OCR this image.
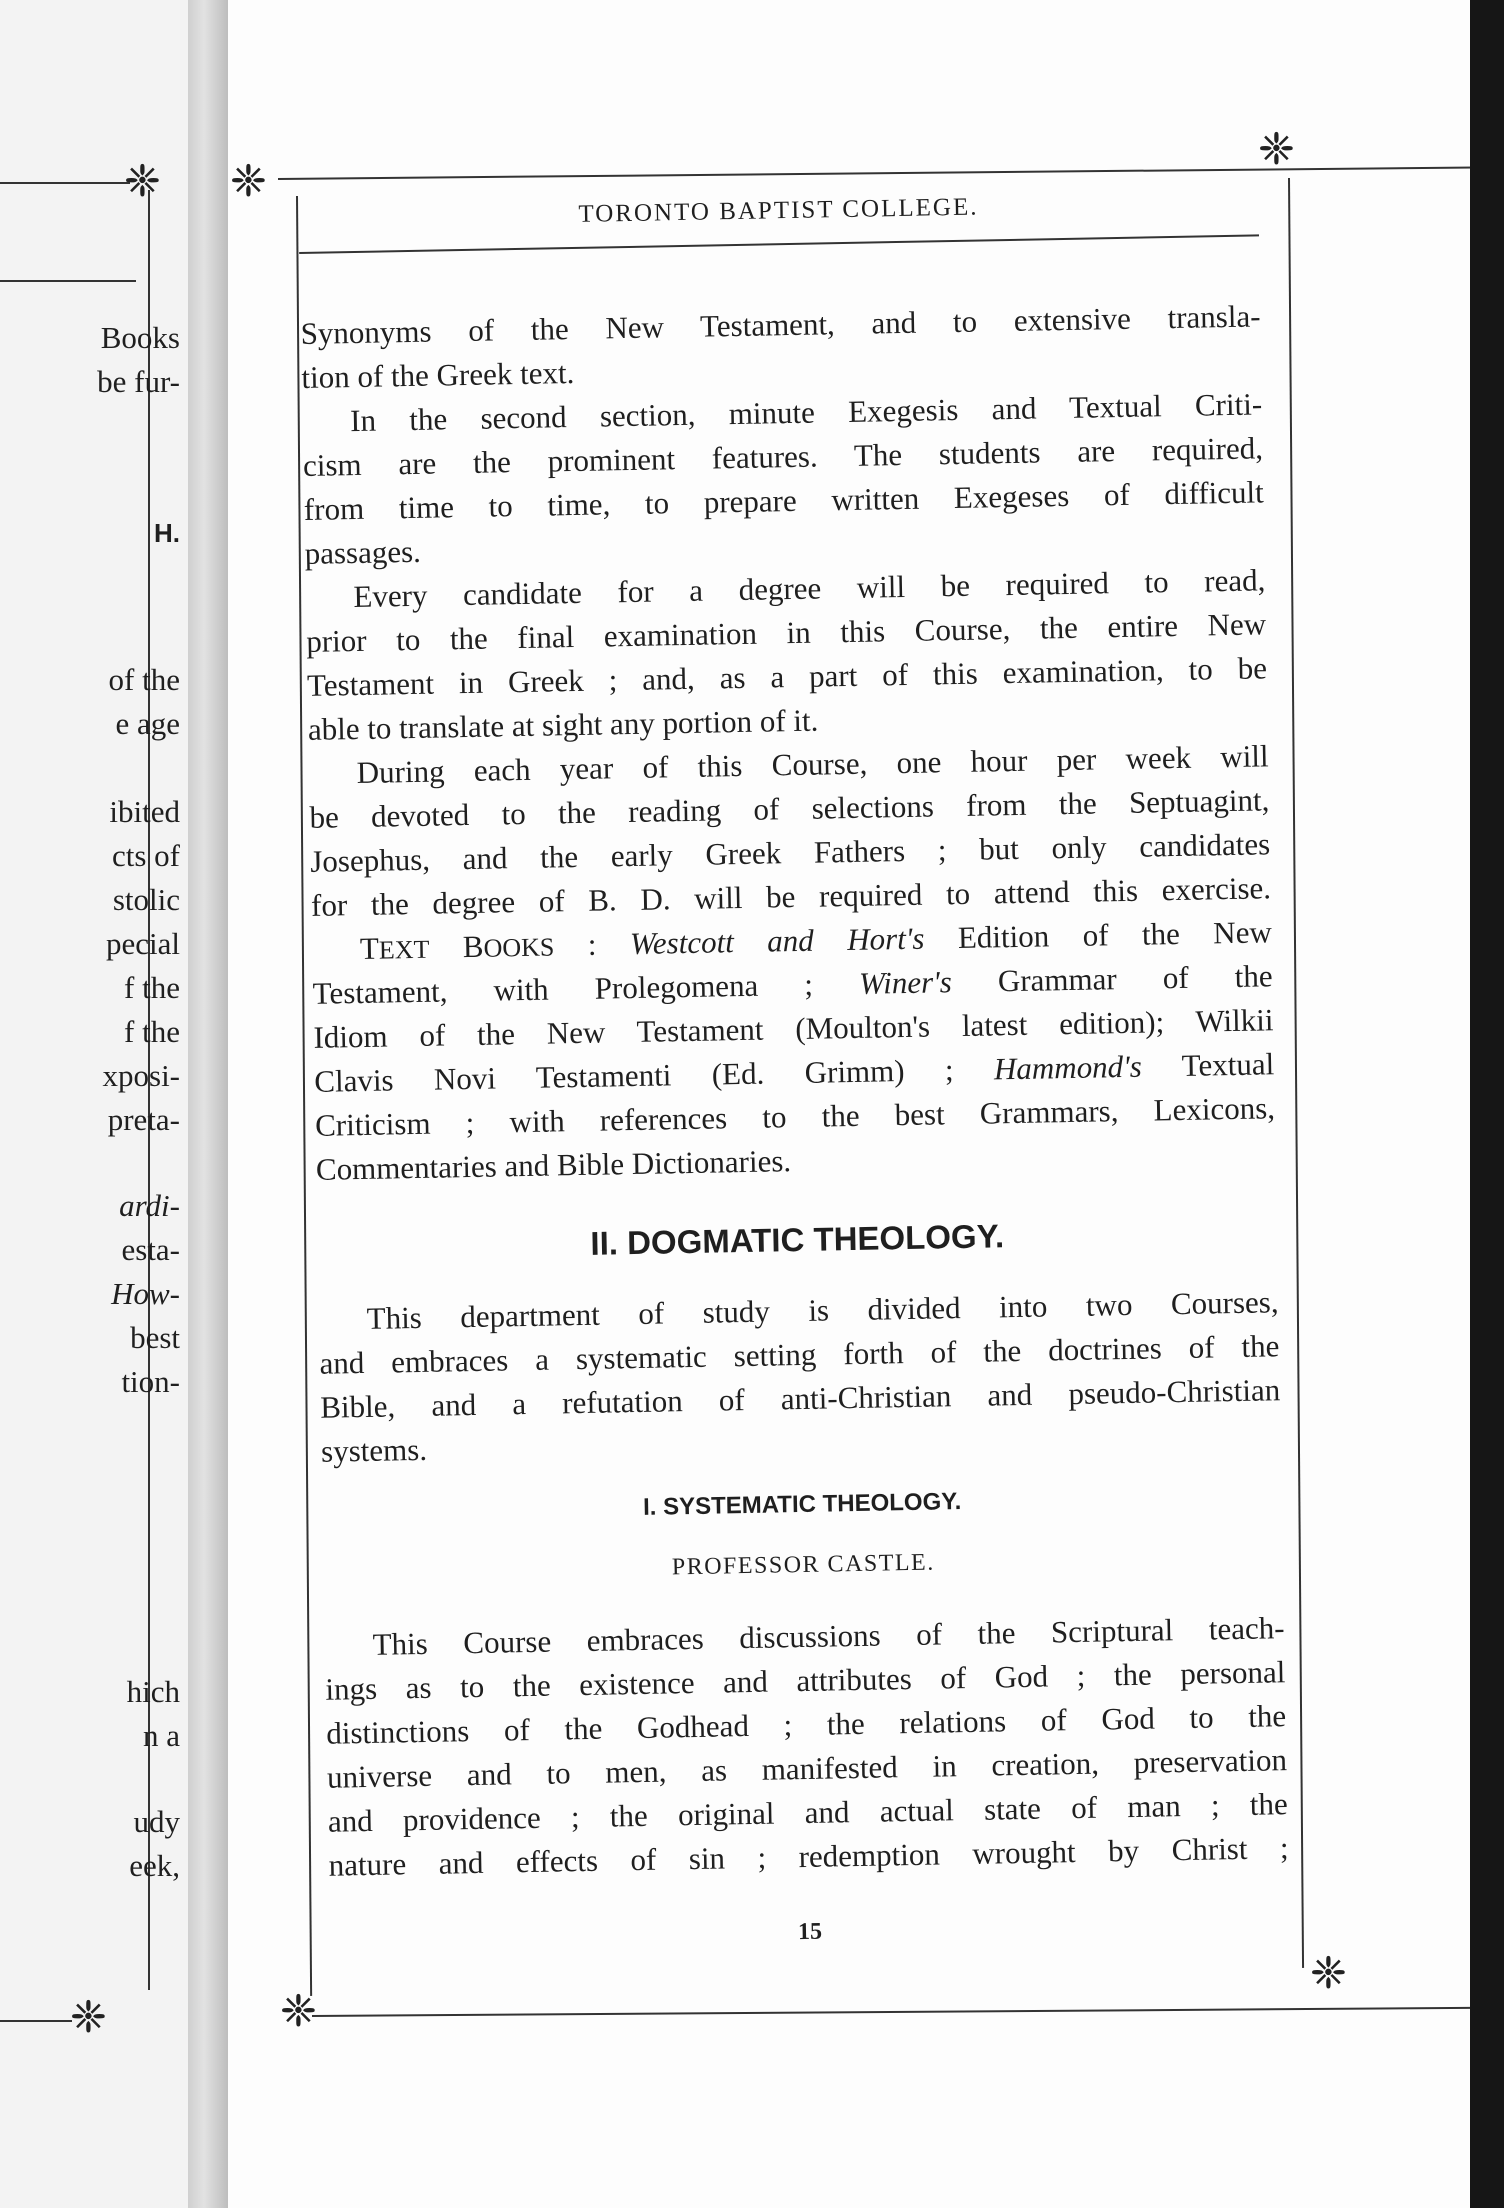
❈
❈
Books
be fur-
H.
of the
e age
ibited
cts of
stolic
pecial
f the
f the
xposi-
preta-
ardi-
esta-
How-
best
tion-
hich
n a
udy
eek,
❈
❈
❈
❈
TORONTO BAPTIST COLLEGE.
Synonyms of the New Testament, and to extensive transla-
tion of the Greek text.
In the second section, minute Exegesis and Textual Criti-
cism are the prominent features. The students are required,
from time to time, to prepare written Exegeses of difficult
passages.
Every candidate for a degree will be required to read,
prior to the final examination in this Course, the entire New
Testament in Greek ; and, as a part of this examination, to be
able to translate at sight any portion of it.
During each year of this Course, one hour per week will
be devoted to the reading of selections from the Septuagint,
Josephus, and the early Greek Fathers ; but only candidates
for the degree of B. D. will be required to attend this exercise.
TEXT BOOKS : Westcott and Hort's Edition of the New
Testament, with Prolegomena ; Winer's Grammar of the
Idiom of the New Testament (Moulton's latest edition); Wilkii
Clavis Novi Testamenti (Ed. Grimm) ; Hammond's Textual
Criticism ; with references to the best Grammars, Lexicons,
Commentaries and Bible Dictionaries.
II. DOGMATIC THEOLOGY.
This department of study is divided into two Courses,
and embraces a systematic setting forth of the doctrines of the
Bible, and a refutation of anti-Christian and pseudo-Christian
systems.
I. SYSTEMATIC THEOLOGY.
PROFESSOR CASTLE.
This Course embraces discussions of the Scriptural teach-
ings as to the existence and attributes of God ; the personal
distinctions of the Godhead ; the relations of God to the
universe and to men, as manifested in creation, preservation
and providence ; the original and actual state of man ; the
nature and effects of sin ; redemption wrought by Christ ;
15
